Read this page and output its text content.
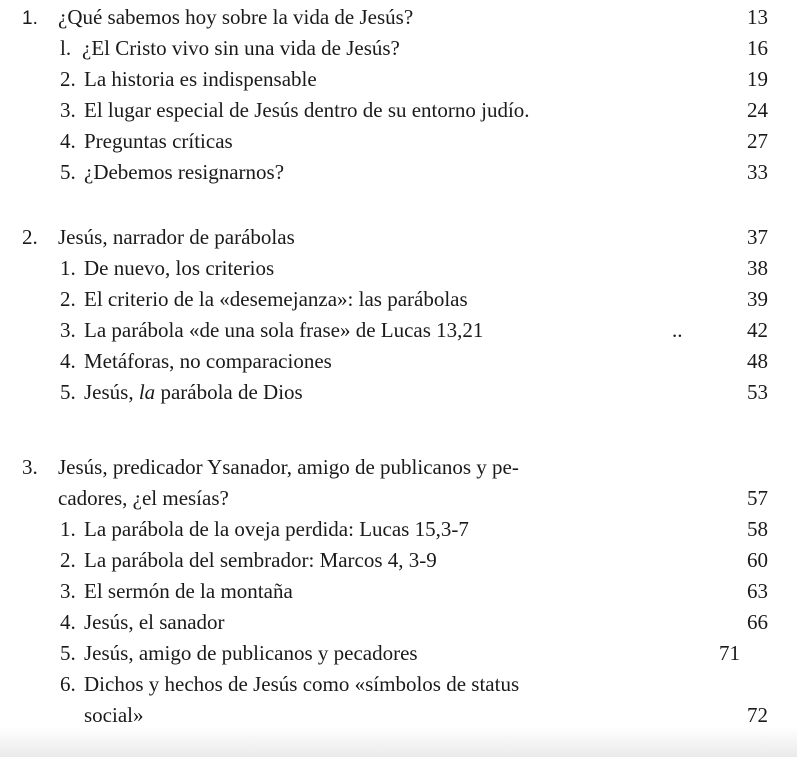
1. ¿Qué sabemos hoy sobre la vida de Jesús?	13
l. ¿El Cristo vivo sin una vida de Jesús?	16
2. La historia es indispensable	19
3. El lugar especial de Jesús dentro de su entorno judío.	24
4. Preguntas críticas	27
5. ¿Debemos resignarnos?	33
2. Jesús, narrador de parábolas	37
1. De nuevo, los criterios	38
2. El criterio de la «desemejanza»: las parábolas	39
3. La parábola «de una sola frase» de Lucas 13,21	..	42
4. Metáforas, no comparaciones	48
5. Jesús, la parábola de Dios	53
3. Jesús, predicador Ysanador, amigo de publicanos y pe-
cadores, ¿el mesías?	57
1. La parábola de la oveja perdida: Lucas 15,3-7	58
2. La parábola del sembrador: Marcos 4, 3-9	60
3. El sermón de la montaña	63
4. Jesús, el sanador	66
5. Jesús, amigo de publicanos y pecadores	71
6. Dichos y hechos de Jesús como «símbolos de status
social»	72
